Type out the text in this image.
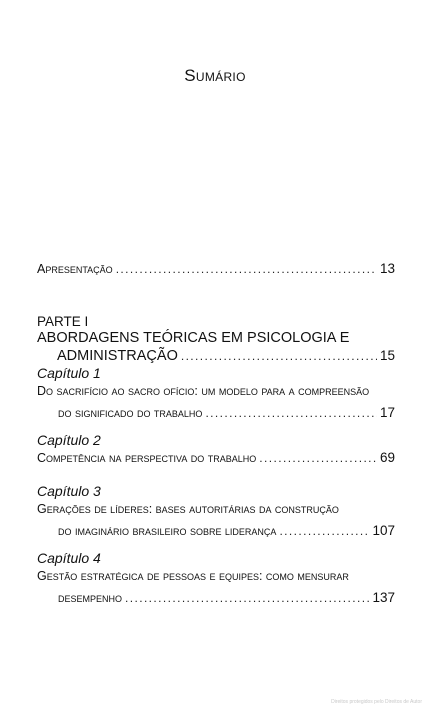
Sumário
Apresentação .....	13
PARTE I
ABORDAGENS TEÓRICAS EM PSICOLOGIA E
ADMINISTRAÇÃO .....	15
Capítulo 1
Do sacrifício ao sacro ofício: um modelo para a compreensão
do significado do trabalho .....	17
Capítulo 2
Competência na perspectiva do trabalho .....	69
Capítulo 3
Gerações de líderes: bases autoritárias da construção
do imaginário brasileiro sobre liderança .....	107
Capítulo 4
Gestão estratégica de pessoas e equipes: como mensurar
desempenho .....	137
Direitos protegidos pelo Direitos de Autor
